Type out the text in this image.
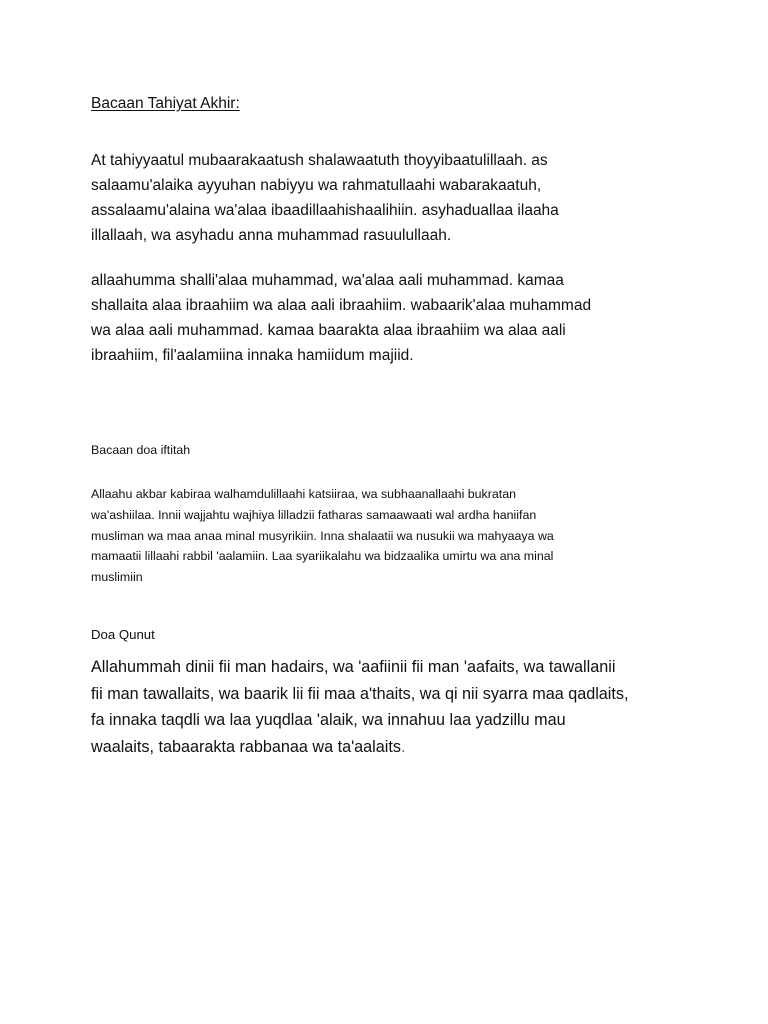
Bacaan Tahiyat Akhir:

At tahiyyaatul mubaarakaatush shalawaatuth thoyyibaatulillaah. as
salaamu'alaika ayyuhan nabiyyu wa rahmatullaahi wabarakaatuh,
assalaamu'alaina wa'alaa ibaadillaahishaalihiin. asyhaduallaa ilaaha
illallaah, wa asyhadu anna muhammad rasuulullaah.

allaahumma shalli'alaa muhammad, wa'alaa aali muhammad. kamaa
shallaita alaa ibraahiim wa alaa aali ibraahiim. wabaarik'alaa muhammad
wa alaa aali muhammad. kamaa baarakta alaa ibraahiim wa alaa aali
ibraahiim, fil'aalamiina innaka hamiidum majiid.

Bacaan doa iftitah

Allaahu akbar kabiraa walhamdulillaahi katsiiraa, wa subhaanallaahi bukratan
wa'ashiilaa. Innii wajjahtu wajhiya lilladzii fatharas samaawaati wal ardha haniifan
musliman wa maa anaa minal musyrikiin. Inna shalaatii wa nusukii wa mahyaaya wa
mamaatii lillaahi rabbil 'aalamiin. Laa syariikalahu wa bidzaalika umirtu wa ana minal
muslimiin

Doa Qunut

Allahummah dinii fii man hadairs, wa 'aafiinii fii man 'aafaits, wa tawallanii
fii man tawallaits, wa baarik lii fii maa a'thaits, wa qi nii syarra maa qadlaits,
fa innaka taqdli wa laa yuqdlaa 'alaik, wa innahuu laa yadzillu mau
waalaits, tabaarakta rabbanaa wa ta'aalaits.
